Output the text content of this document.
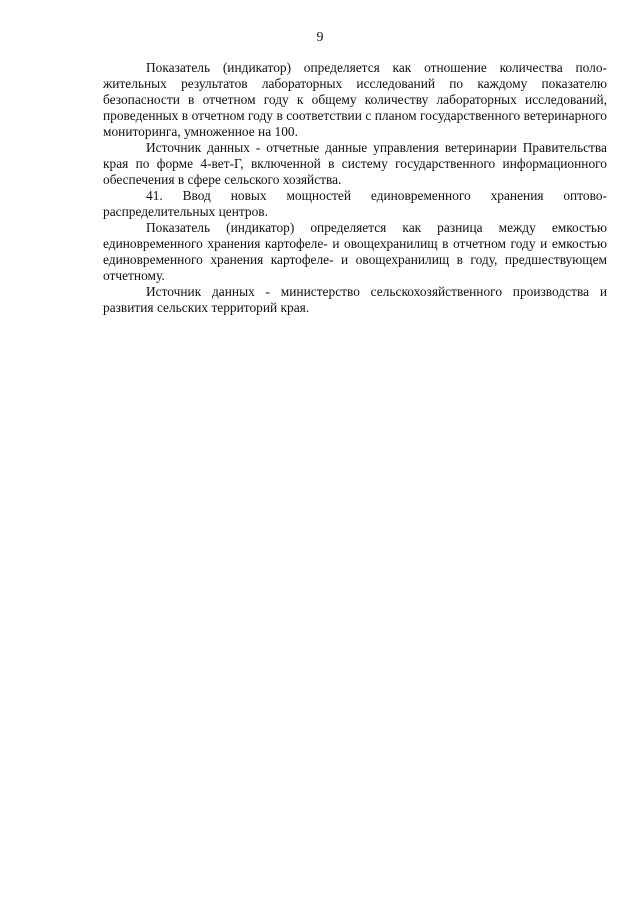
9

Показатель (индикатор) определяется как отношение количества положительных результатов лабораторных исследований по каждому показателю безопасности в отчетном году к общему количеству лабораторных исследований, проведенных в отчетном году в соответствии с планом государственного ветеринарного мониторинга, умноженное на 100.

Источник данных - отчетные данные управления ветеринарии Правительства края по форме 4-вет-Г, включенной в систему государственного информационного обеспечения в сфере сельского хозяйства.

41. Ввод новых мощностей единовременного хранения оптово-распределительных центров.

Показатель (индикатор) определяется как разница между емкостью единовременного хранения картофеле- и овощехранилищ в отчетном году и емкостью единовременного хранения картофеле- и овощехранилищ в году, предшествующем отчетному.

Источник данных - министерство сельскохозяйственного производства и развития сельских территорий края.
